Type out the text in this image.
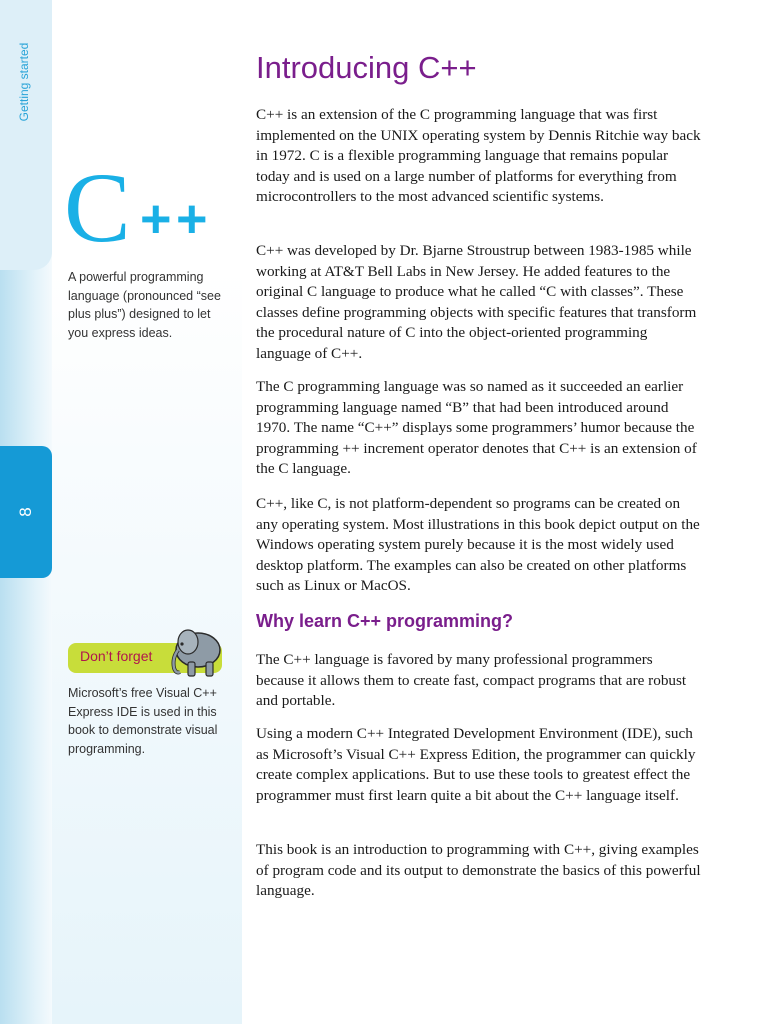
Getting started
8
C + +
A powerful programming language (pronounced “see plus plus”) designed to let you express ideas.
Don’t forget
Microsoft’s free Visual C++ Express IDE is used in this book to demonstrate visual programming.
Introducing C++

C++ is an extension of the C programming language that was first implemented on the UNIX operating system by Dennis Ritchie way back in 1972. C is a flexible programming language that remains popular today and is used on a large number of platforms for everything from microcontrollers to the most advanced scientific systems.

C++ was developed by Dr. Bjarne Stroustrup between 1983-1985 while working at AT&T Bell Labs in New Jersey. He added features to the original C language to produce what he called “C with classes”. These classes define programming objects with specific features that transform the procedural nature of C into the object-oriented programming language of C++.

The C programming language was so named as it succeeded an earlier programming language named “B” that had been introduced around 1970. The name “C++” displays some programmers’ humor because the programming ++ increment operator denotes that C++ is an extension of the C language.

C++, like C, is not platform-dependent so programs can be created on any operating system. Most illustrations in this book depict output on the Windows operating system purely because it is the most widely used desktop platform. The examples can also be created on other platforms such as Linux or MacOS.

Why learn C++ programming?

The C++ language is favored by many professional programmers because it allows them to create fast, compact programs that are robust and portable.

Using a modern C++ Integrated Development Environment (IDE), such as Microsoft’s Visual C++ Express Edition, the programmer can quickly create complex applications. But to use these tools to greatest effect the programmer must first learn quite a bit about the C++ language itself.

This book is an introduction to programming with C++, giving examples of program code and its output to demonstrate the basics of this powerful language.
